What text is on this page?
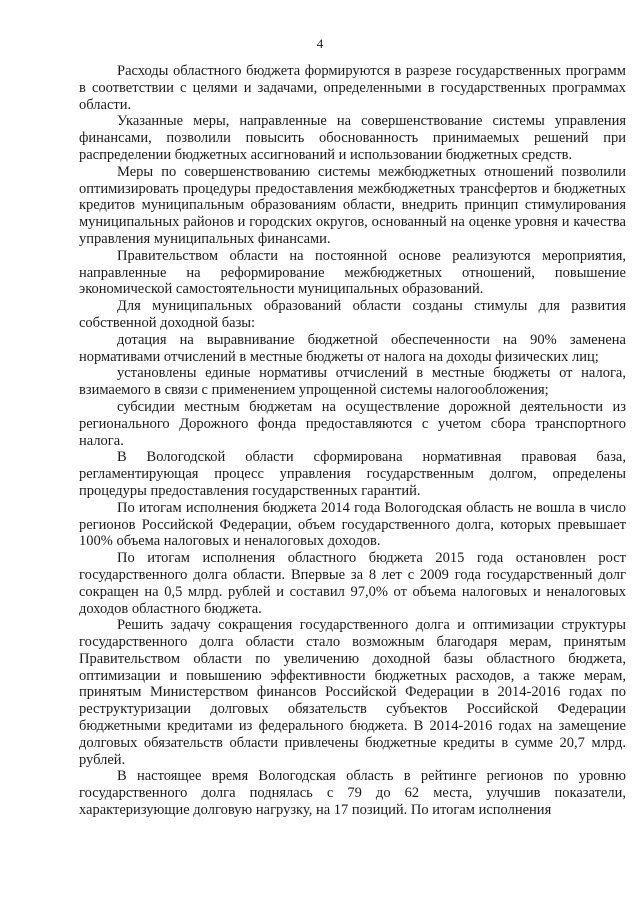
4

Расходы областного бюджета формируются в разрезе государственных программ в соответствии с целями и задачами, определенными в государственных программах области.

Указанные меры, направленные на совершенствование системы управления финансами, позволили повысить обоснованность принимаемых решений при распределении бюджетных ассигнований и использовании бюджетных средств.

Меры по совершенствованию системы межбюджетных отношений позволили оптимизировать процедуры предоставления межбюджетных трансфертов и бюджетных кредитов муниципальным образованиям области, внедрить принцип стимулирования муниципальных районов и городских округов, основанный на оценке уровня и качества управления муниципальных финансами.

Правительством области на постоянной основе реализуются мероприятия, направленные на реформирование межбюджетных отношений, повышение экономической самостоятельности муниципальных образований.

Для муниципальных образований области созданы стимулы для развития собственной доходной базы:

дотация на выравнивание бюджетной обеспеченности на 90% заменена нормативами отчислений в местные бюджеты от налога на доходы физических лиц;

установлены единые нормативы отчислений в местные бюджеты от налога, взимаемого в связи с применением упрощенной системы налогообложения;

субсидии местным бюджетам на осуществление дорожной деятельности из регионального Дорожного фонда предоставляются с учетом сбора транспортного налога.

В Вологодской области сформирована нормативная правовая база, регламентирующая процесс управления государственным долгом, определены процедуры предоставления государственных гарантий.

По итогам исполнения бюджета 2014 года Вологодская область не вошла в число регионов Российской Федерации, объем государственного долга, которых превышает 100% объема налоговых и неналоговых доходов.

По итогам исполнения областного бюджета 2015 года остановлен рост государственного долга области. Впервые за 8 лет с 2009 года государственный долг сокращен на 0,5 млрд. рублей и составил 97,0% от объема налоговых и неналоговых доходов областного бюджета.

Решить задачу сокращения государственного долга и оптимизации структуры государственного долга области стало возможным благодаря мерам, принятым Правительством области по увеличению доходной базы областного бюджета, оптимизации и повышению эффективности бюджетных расходов, а также мерам, принятым Министерством финансов Российской Федерации в 2014-2016 годах по реструктуризации долговых обязательств субъектов Российской Федерации бюджетными кредитами из федерального бюджета. В 2014-2016 годах на замещение долговых обязательств области привлечены бюджетные кредиты в сумме 20,7 млрд. рублей.

В настоящее время Вологодская область в рейтинге регионов по уровню государственного долга поднялась с 79 до 62 места, улучшив показатели, характеризующие долговую нагрузку, на 17 позиций. По итогам исполнения
